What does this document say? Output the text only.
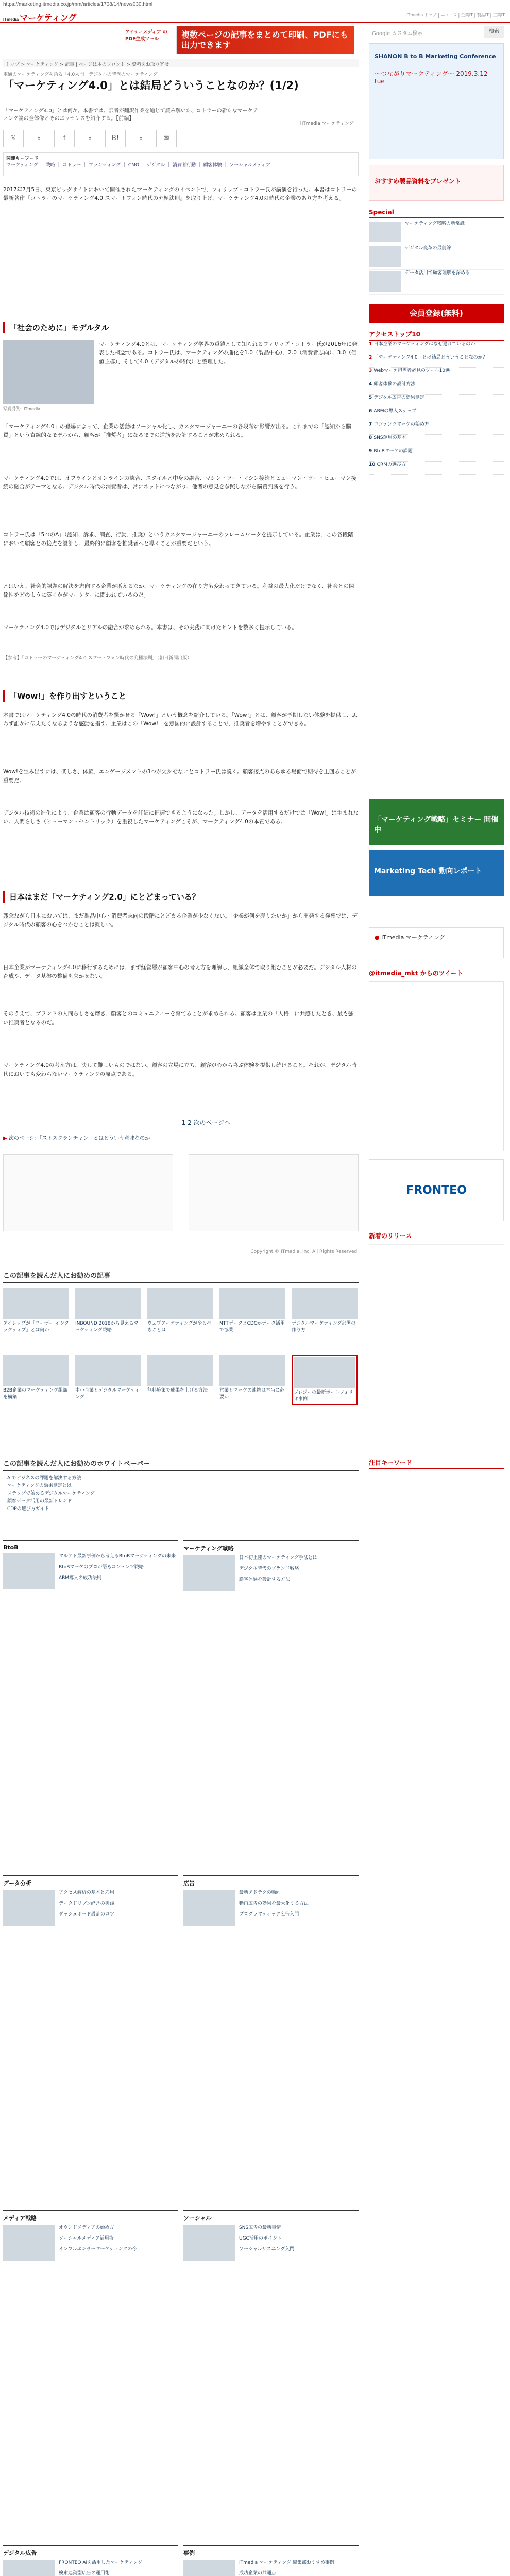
https://marketing.itmedia.co.jp/mm/articles/1708/14/news030.html
ITmedia マーケティング	ITmedia トップ | ニュース | 企業IT | 製品IT | 工業IT
アイティメディア の PDF生成ツール	複数ページの記事をまとめて印刷、PDFにも出力できます
トップ > マーケティング > 記事 | ページは本のフロント > 資料をお取り寄せ
電通のマーケティングを語る「4.0入門」デジタルの時代のマーケティング
「マーケティング4.0」とは結局どういうことなのか？(1/2)
「マーケティング4.0」とは何か。本書では、訳者が翻訳作業を通じて読み解いた、コトラーの新たなマーケティング論の全体像とそのエッセンスを紹介する。【前編】
［ITmedia マーケティング］
𝕏	0	f	0	B!	0	✉
関連キーワード
マーケティング ｜ 戦略 ｜ コトラー ｜ ブランディング ｜ CMO ｜ デジタル ｜ 消費者行動 ｜ 顧客体験 ｜ ソーシャルメディア

2017年7月5日、東京ビッグサイトにおいて開催されたマーケティングのイベントで、フィリップ・コトラー氏が講演を行った。本書はコトラーの最新著作『コトラーのマーケティング4.0 スマートフォン時代の究極法則』を取り上げ、マーケティング4.0の時代の企業のあり方を考える。

「社会のために」モデルタル
写真提供：ITmedia

マーケティング4.0とは、マーケティング学界の重鎮として知られるフィリップ・コトラー氏が2016年に発表した概念である。コトラー氏は、マーケティングの進化を1.0（製品中心）、2.0（消費者志向）、3.0（価値主導）、そして4.0（デジタルの時代）と整理した。

「マーケティング4.0」の登場によって、企業の活動はソーシャル化し、カスタマージャーニーの各段階に影響が出る。これまでの「認知から購買」という直線的なモデルから、顧客が「推奨者」になるまでの道筋を設計することが求められる。

マーケティング4.0では、オフラインとオンラインの統合、スタイルと中身の融合、マシン・ツー・マシン接続とヒューマン・ツー・ヒューマン接続の融合がテーマとなる。デジタル時代の消費者は、常にネットにつながり、他者の意見を参照しながら購買判断を行う。

コトラー氏は「5つのA」（認知、訴求、調査、行動、推奨）というカスタマージャーニーのフレームワークを提示している。企業は、この各段階において顧客との接点を設計し、最終的に顧客を推奨者へと導くことが重要だという。

とはいえ、社会的課題の解決を志向する企業が増えるなか、マーケティングの在り方も変わってきている。利益の最大化だけでなく、社会との関係性をどのように築くかがマーケターに問われているのだ。

マーケティング4.0ではデジタルとリアルの融合が求められる。本書は、その実践に向けたヒントを数多く提示している。

【参考】「コトラーのマーケティング4.0 スマートフォン時代の究極法則」（朝日新聞出版）

「Wow!」を作り出すということ

本書ではマーケティング4.0の時代の消費者を驚かせる「Wow!」という概念を紹介している。「Wow!」とは、顧客が予期しない体験を提供し、思わず誰かに伝えたくなるような感動を指す。企業はこの「Wow!」を意図的に設計することで、推奨者を増やすことができる。

Wow!を生み出すには、楽しさ、体験、エンゲージメントの3つが欠かせないとコトラー氏は説く。顧客接点のあらゆる場面で期待を上回ることが重要だ。

デジタル技術の進化により、企業は顧客の行動データを詳細に把握できるようになった。しかし、データを活用するだけでは「Wow!」は生まれない。人間らしさ（ヒューマン・セントリック）を重視したマーケティングこそが、マーケティング4.0の本質である。

日本はまだ「マーケティング2.0」にとどまっている？

残念ながら日本においては、まだ製品中心・消費者志向の段階にとどまる企業が少なくない。「企業が何を売りたいか」から出発する発想では、デジタル時代の顧客の心をつかむことは難しい。

日本企業がマーケティング4.0に移行するためには、まず経営層が顧客中心の考え方を理解し、組織全体で取り組むことが必要だ。デジタル人材の育成や、データ基盤の整備も欠かせない。

そのうえで、ブランドの人間らしさを磨き、顧客とのコミュニティーを育てることが求められる。顧客は企業の「人格」に共感したとき、最も強い推奨者となるのだ。

マーケティング4.0の考え方は、決して難しいものではない。顧客の立場に立ち、顧客が心から喜ぶ体験を提供し続けること。それが、デジタル時代においても変わらないマーケティングの原点である。

1 2 次のページへ
▶ 次のページ：「ストスクランチャン」とはどういう意味なのか
Copyright © ITmedia, Inc. All Rights Reserved.
この記事を読んだ人にお勧めの記事
アイレップが「ユーザー インタラクティブ」とは何か
INBOUND 2018から見えるマーケティング戦略
ウェブアーケティングがやるべきことは
NTTデータとCDCがデータ活用で協業
デジタルマーケティング部署の作り方
B2B企業のマーケティング組織を構築
中小企業とデジタルマーケティング
無料施策で成果を上げる方法	営業とマーケの連携は本当に必要か
ブレジーの最新ポートフォリオ事例
この記事を読んだ人にお勧めのホワイトペーパー
AIでビジネスの課題を解決する方法
マーケティングの効果測定とは
ステップで始めるデジタルマーケティング
顧客データ活用の最新トレンド
CDPの選び方ガイド
BtoB
マルケト最新事例から考えるBtoBマーケティングの未来
BtoBマーケのプロが語るコンテンツ戦略
ABM導入の成功法則
マーケティング戦略
日本初上陸のマーケティング手法とは
デジタル時代のブランド戦略
顧客体験を設計する方法
データ分析
アクセス解析の基本と応用
データドリブン経営の実践
ダッシュボード設計のコツ
広告
最新アドテクの動向
動画広告の効果を最大化する方法
プログラマティック広告入門
メディア戦略
オウンドメディアの始め方
ソーシャルメディア活用術
インフルエンサーマーケティングの今
ソーシャル
SNS広告の最新事情
UGC活用のポイント
ソーシャルリスニング入門
デジタル広告
FRONTEO AIを活用したマーケティング
検索連動型広告の運用術
事例
ITmedia マーケティング 編集部おすすめ事例
成功企業の共通点
Google カスタム検索	検索
SHANON B to B Marketing Conference
〜つながりマーケティング〜 2019.3.12 tue
おすすめ製品資料をプレゼント
Special
マーケティング戦略の新常識
デジタル変革の最前線
データ活用で顧客理解を深める
会員登録(無料)
アクセストップ10
1 日本企業のマーケティングはなぜ遅れているのか
2 「マーケティング4.0」とは結局どういうことなのか？
3 Webマーケ担当者必見のツール10選
4 顧客体験の設計方法
5 デジタル広告の効果測定
6 ABMの導入ステップ
7 コンテンツマーケの始め方
8 SNS運用の基本
9 BtoBマーケの課題
10 CRMの選び方
「マーケティング戦略」セミナー 開催中
Marketing Tech 動向レポート
● ITmedia マーケティング
@itmedia_mkt からのツイート
FRONTEO
新着のリリース
注目キーワード
